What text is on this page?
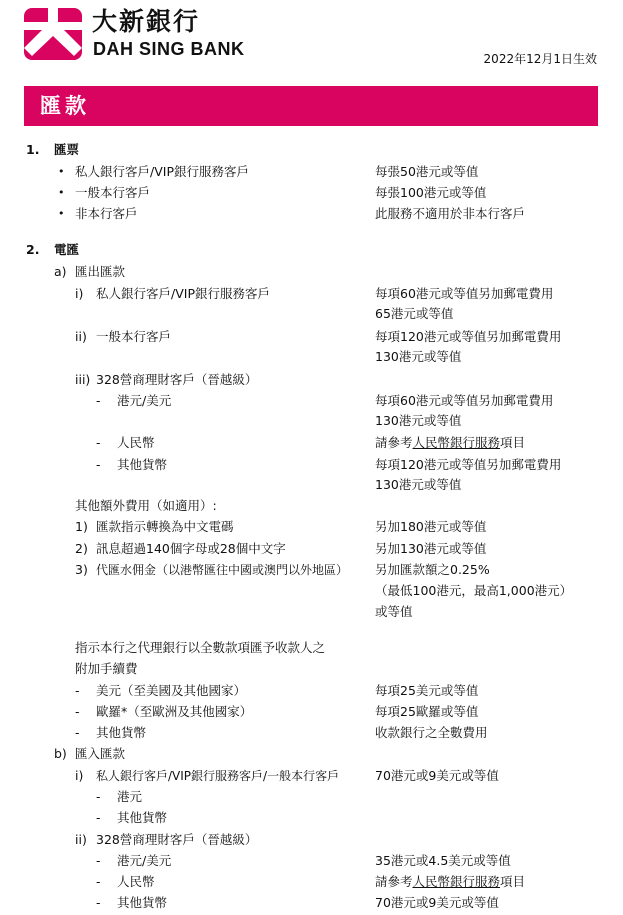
大新銀行
DAH SING BANK	2022年12月1日生效
匯款
1. 匯票
• 私人銀行客戶/VIP銀行服務客戶	每張50港元或等值
• 一般本行客戶	每張100港元或等值
• 非本行客戶	此服務不適用於非本行客戶
2. 電匯
a) 匯出匯款
i) 私人銀行客戶/VIP銀行服務客戶	每項60港元或等值另加郵電費用
65港元或等值
ii) 一般本行客戶	每項120港元或等值另加郵電費用
130港元或等值
iii) 328營商理財客戶（晉越級）
- 港元/美元	每項60港元或等值另加郵電費用
130港元或等值
- 人民幣	請參考人民幣銀行服務項目
- 其他貨幣	每項120港元或等值另加郵電費用
130港元或等值
其他額外費用（如適用）:
1) 匯款指示轉換為中文電碼	另加180港元或等值
2) 訊息超過140個字母或28個中文字	另加130港元或等值
3) 代匯水佣金（以港幣匯往中國或澳門以外地區） 另加匯款額之0.25%
（最低100港元，最高1,000港元）
或等值
指示本行之代理銀行以全數款項匯予收款人之
附加手續費
- 美元（至美國及其他國家）	每項25美元或等值
- 歐羅*（至歐洲及其他國家）	每項25歐羅或等值
- 其他貨幣	收款銀行之全數費用
b) 匯入匯款
i) 私人銀行客戶/VIP銀行服務客戶/一般本行客戶	70港元或9美元或等值
- 港元
- 其他貨幣
ii) 328營商理財客戶（晉越級）
- 港元/美元	35港元或4.5美元或等值
- 人民幣	請參考人民幣銀行服務項目
- 其他貨幣	70港元或9美元或等值
